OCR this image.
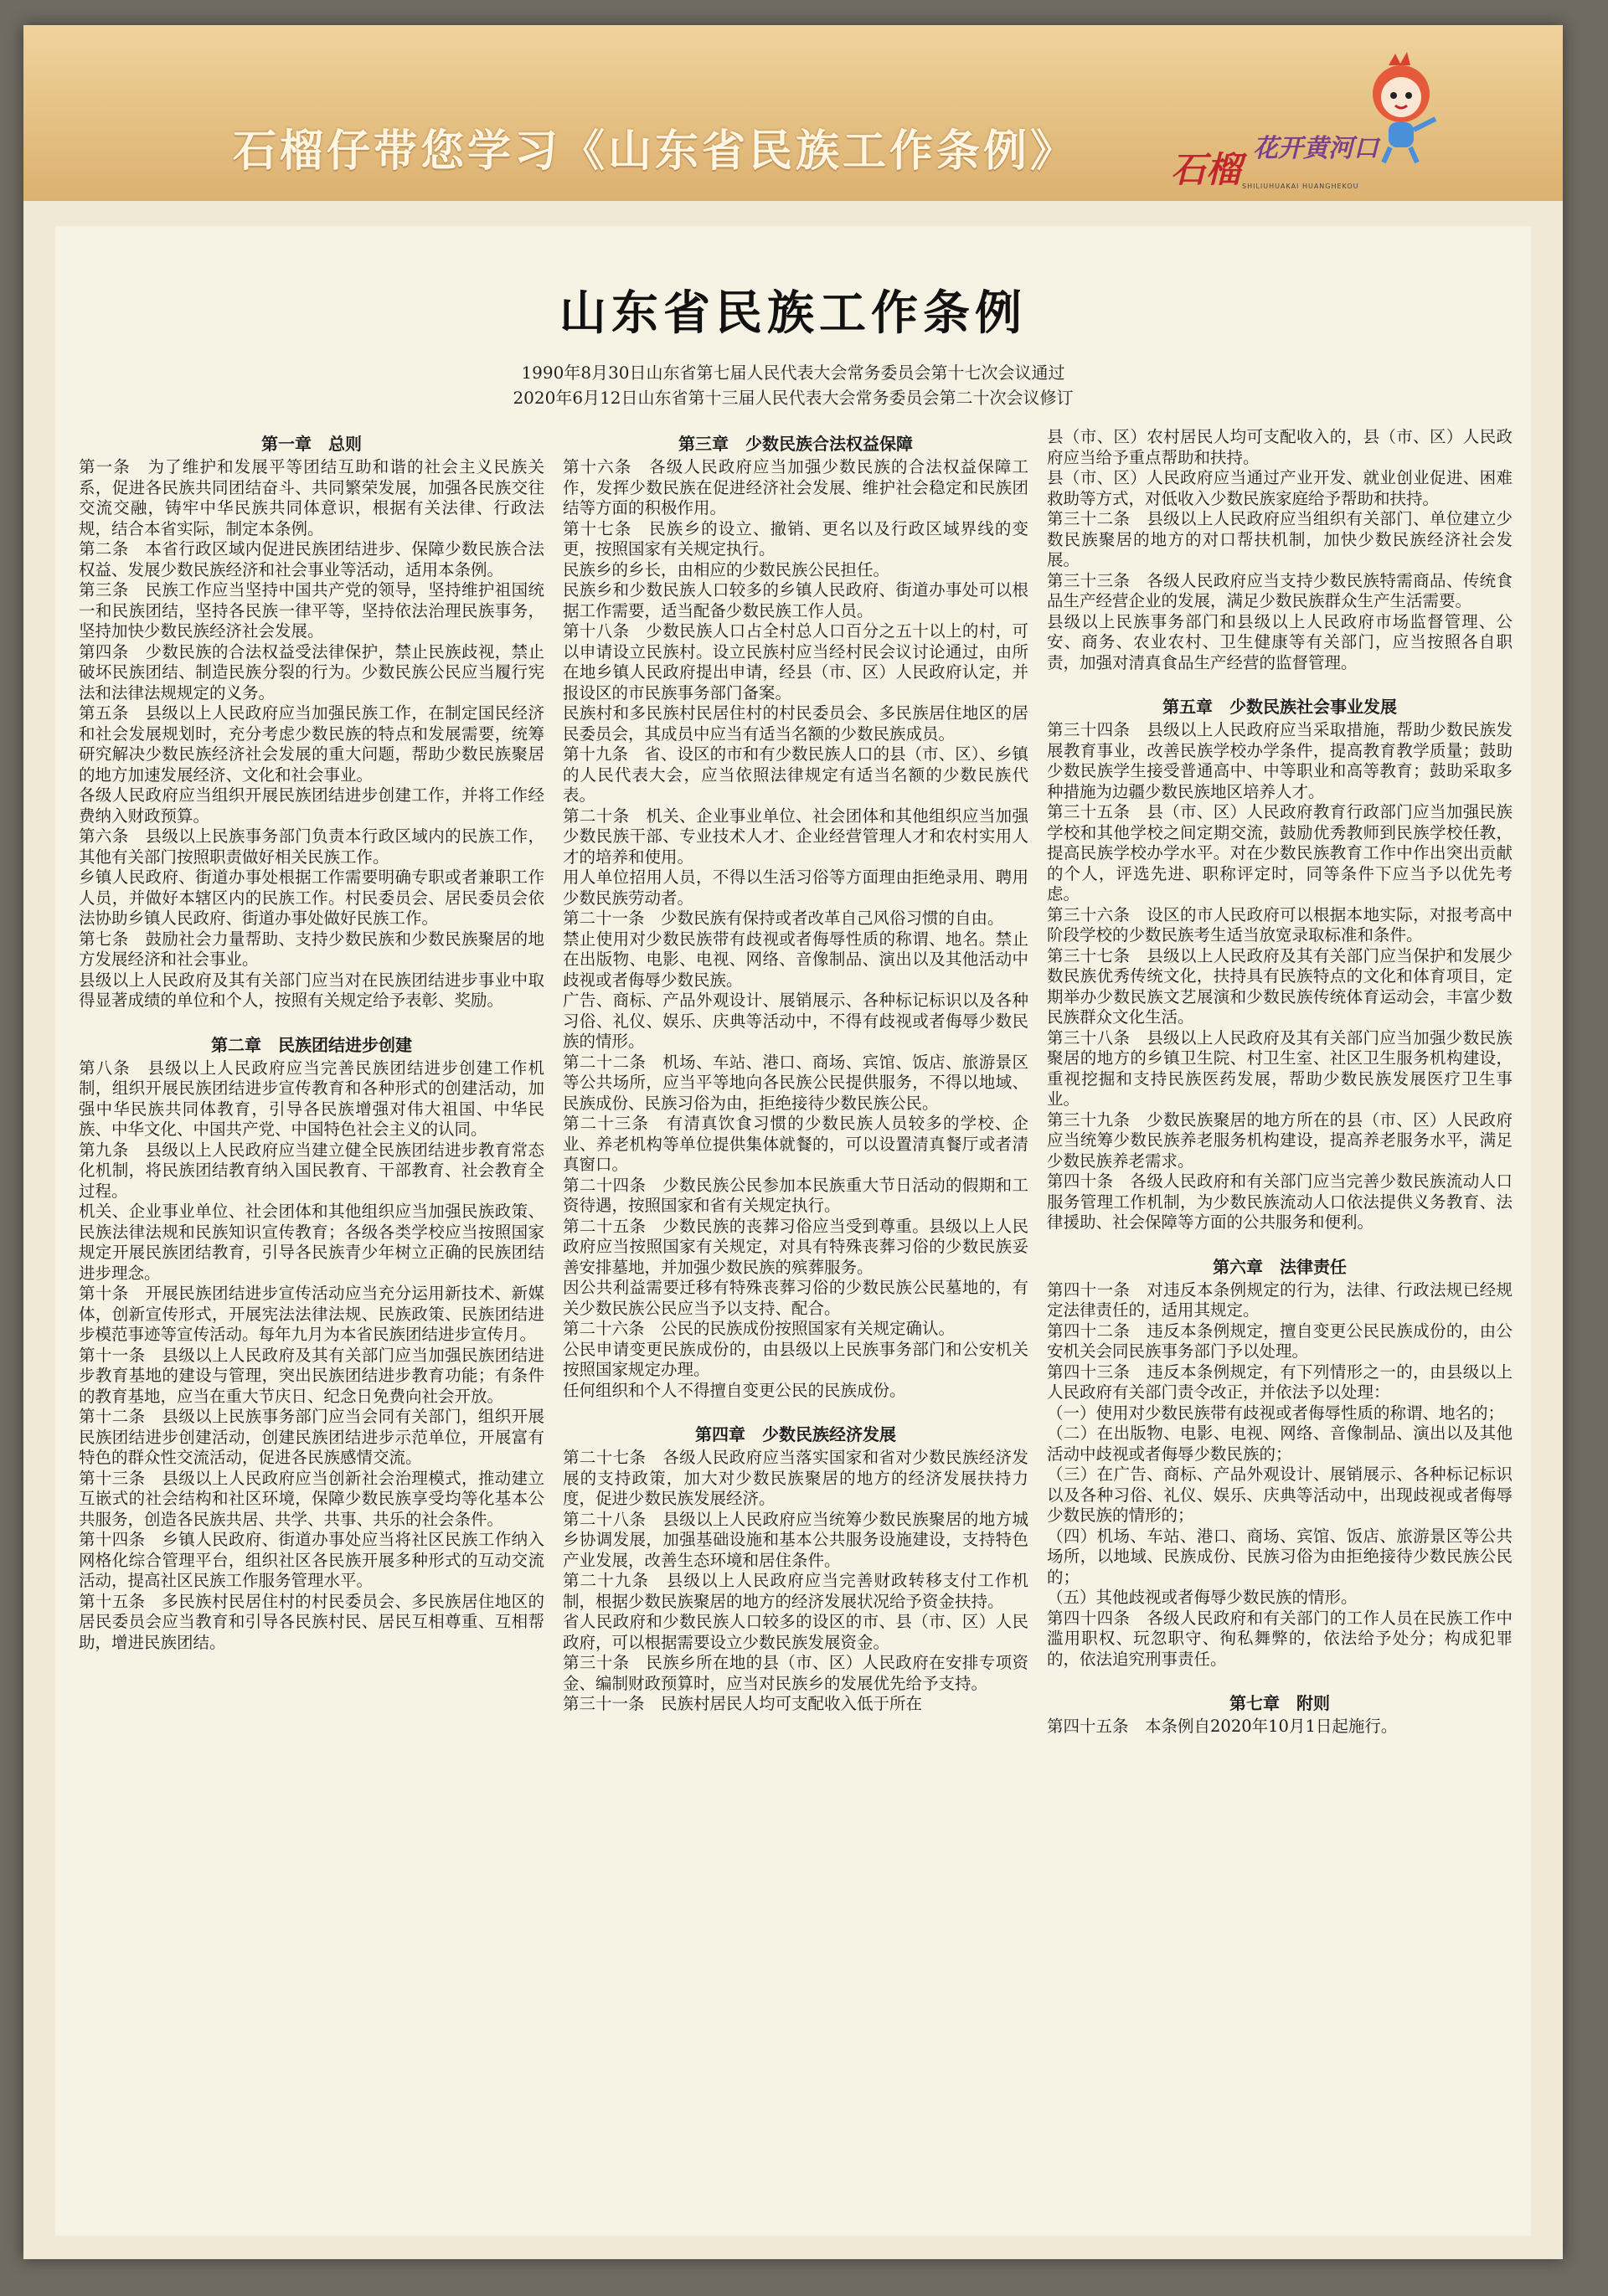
石榴仔带您学习《山东省民族工作条例》	石榴
花开黄河口
SHILIUHUAKAI HUANGHEKOU
山东省民族工作条例
1990年8月30日山东省第七届人民代表大会常务委员会第十七次会议通过
2020年6月12日山东省第十三届人民代表大会常务委员会第二十次会议修订
第一章　总则

第一条　为了维护和发展平等团结互助和谐的社会主义民族关系，促进各民族共同团结奋斗、共同繁荣发展，加强各民族交往交流交融，铸牢中华民族共同体意识，根据有关法律、行政法规，结合本省实际，制定本条例。

第二条　本省行政区域内促进民族团结进步、保障少数民族合法权益、发展少数民族经济和社会事业等活动，适用本条例。

第三条　民族工作应当坚持中国共产党的领导，坚持维护祖国统一和民族团结，坚持各民族一律平等，坚持依法治理民族事务，坚持加快少数民族经济社会发展。

第四条　少数民族的合法权益受法律保护，禁止民族歧视，禁止破坏民族团结、制造民族分裂的行为。少数民族公民应当履行宪法和法律法规规定的义务。

第五条　县级以上人民政府应当加强民族工作，在制定国民经济和社会发展规划时，充分考虑少数民族的特点和发展需要，统筹研究解决少数民族经济社会发展的重大问题，帮助少数民族聚居的地方加速发展经济、文化和社会事业。

各级人民政府应当组织开展民族团结进步创建工作，并将工作经费纳入财政预算。

第六条　县级以上民族事务部门负责本行政区域内的民族工作，其他有关部门按照职责做好相关民族工作。

乡镇人民政府、街道办事处根据工作需要明确专职或者兼职工作人员，并做好本辖区内的民族工作。村民委员会、居民委员会依法协助乡镇人民政府、街道办事处做好民族工作。

第七条　鼓励社会力量帮助、支持少数民族和少数民族聚居的地方发展经济和社会事业。

县级以上人民政府及其有关部门应当对在民族团结进步事业中取得显著成绩的单位和个人，按照有关规定给予表彰、奖励。

第二章　民族团结进步创建

第八条　县级以上人民政府应当完善民族团结进步创建工作机制，组织开展民族团结进步宣传教育和各种形式的创建活动，加强中华民族共同体教育，引导各民族增强对伟大祖国、中华民族、中华文化、中国共产党、中国特色社会主义的认同。

第九条　县级以上人民政府应当建立健全民族团结进步教育常态化机制，将民族团结教育纳入国民教育、干部教育、社会教育全过程。

机关、企业事业单位、社会团体和其他组织应当加强民族政策、民族法律法规和民族知识宣传教育；各级各类学校应当按照国家规定开展民族团结教育，引导各民族青少年树立正确的民族团结进步理念。

第十条　开展民族团结进步宣传活动应当充分运用新技术、新媒体，创新宣传形式，开展宪法法律法规、民族政策、民族团结进步模范事迹等宣传活动。每年九月为本省民族团结进步宣传月。

第十一条　县级以上人民政府及其有关部门应当加强民族团结进步教育基地的建设与管理，突出民族团结进步教育功能；有条件的教育基地，应当在重大节庆日、纪念日免费向社会开放。

第十二条　县级以上民族事务部门应当会同有关部门，组织开展民族团结进步创建活动，创建民族团结进步示范单位，开展富有特色的群众性交流活动，促进各民族感情交流。

第十三条　县级以上人民政府应当创新社会治理模式，推动建立互嵌式的社会结构和社区环境，保障少数民族享受均等化基本公共服务，创造各民族共居、共学、共事、共乐的社会条件。

第十四条　乡镇人民政府、街道办事处应当将社区民族工作纳入网格化综合管理平台，组织社区各民族开展多种形式的互动交流活动，提高社区民族工作服务管理水平。

第十五条　多民族村民居住村的村民委员会、多民族居住地区的居民委员会应当教育和引导各民族村民、居民互相尊重、互相帮助，增进民族团结。

第三章　少数民族合法权益保障

第十六条　各级人民政府应当加强少数民族的合法权益保障工作，发挥少数民族在促进经济社会发展、维护社会稳定和民族团结等方面的积极作用。

第十七条　民族乡的设立、撤销、更名以及行政区域界线的变更，按照国家有关规定执行。

民族乡的乡长，由相应的少数民族公民担任。

民族乡和少数民族人口较多的乡镇人民政府、街道办事处可以根据工作需要，适当配备少数民族工作人员。

第十八条　少数民族人口占全村总人口百分之五十以上的村，可以申请设立民族村。设立民族村应当经村民会议讨论通过，由所在地乡镇人民政府提出申请，经县（市、区）人民政府认定，并报设区的市民族事务部门备案。

民族村和多民族村民居住村的村民委员会、多民族居住地区的居民委员会，其成员中应当有适当名额的少数民族成员。

第十九条　省、设区的市和有少数民族人口的县（市、区）、乡镇的人民代表大会，应当依照法律规定有适当名额的少数民族代表。

第二十条　机关、企业事业单位、社会团体和其他组织应当加强少数民族干部、专业技术人才、企业经营管理人才和农村实用人才的培养和使用。

用人单位招用人员，不得以生活习俗等方面理由拒绝录用、聘用少数民族劳动者。

第二十一条　少数民族有保持或者改革自己风俗习惯的自由。

禁止使用对少数民族带有歧视或者侮辱性质的称谓、地名。禁止在出版物、电影、电视、网络、音像制品、演出以及其他活动中歧视或者侮辱少数民族。

广告、商标、产品外观设计、展销展示、各种标记标识以及各种习俗、礼仪、娱乐、庆典等活动中，不得有歧视或者侮辱少数民族的情形。

第二十二条　机场、车站、港口、商场、宾馆、饭店、旅游景区等公共场所，应当平等地向各民族公民提供服务，不得以地域、民族成份、民族习俗为由，拒绝接待少数民族公民。

第二十三条　有清真饮食习惯的少数民族人员较多的学校、企业、养老机构等单位提供集体就餐的，可以设置清真餐厅或者清真窗口。

第二十四条　少数民族公民参加本民族重大节日活动的假期和工资待遇，按照国家和省有关规定执行。

第二十五条　少数民族的丧葬习俗应当受到尊重。县级以上人民政府应当按照国家有关规定，对具有特殊丧葬习俗的少数民族妥善安排墓地，并加强少数民族的殡葬服务。

因公共利益需要迁移有特殊丧葬习俗的少数民族公民墓地的，有关少数民族公民应当予以支持、配合。

第二十六条　公民的民族成份按照国家有关规定确认。

公民申请变更民族成份的，由县级以上民族事务部门和公安机关按照国家规定办理。

任何组织和个人不得擅自变更公民的民族成份。

第四章　少数民族经济发展

第二十七条　各级人民政府应当落实国家和省对少数民族经济发展的支持政策，加大对少数民族聚居的地方的经济发展扶持力度，促进少数民族发展经济。

第二十八条　县级以上人民政府应当统筹少数民族聚居的地方城乡协调发展，加强基础设施和基本公共服务设施建设，支持特色产业发展，改善生态环境和居住条件。

第二十九条　县级以上人民政府应当完善财政转移支付工作机制，根据少数民族聚居的地方的经济发展状况给予资金扶持。

省人民政府和少数民族人口较多的设区的市、县（市、区）人民政府，可以根据需要设立少数民族发展资金。

第三十条　民族乡所在地的县（市、区）人民政府在安排专项资金、编制财政预算时，应当对民族乡的发展优先给予支持。

第三十一条　民族村居民人均可支配收入低于所在

县（市、区）农村居民人均可支配收入的，县（市、区）人民政府应当给予重点帮助和扶持。

县（市、区）人民政府应当通过产业开发、就业创业促进、困难救助等方式，对低收入少数民族家庭给予帮助和扶持。

第三十二条　县级以上人民政府应当组织有关部门、单位建立少数民族聚居的地方的对口帮扶机制，加快少数民族经济社会发展。

第三十三条　各级人民政府应当支持少数民族特需商品、传统食品生产经营企业的发展，满足少数民族群众生产生活需要。

县级以上民族事务部门和县级以上人民政府市场监督管理、公安、商务、农业农村、卫生健康等有关部门，应当按照各自职责，加强对清真食品生产经营的监督管理。

第五章　少数民族社会事业发展

第三十四条　县级以上人民政府应当采取措施，帮助少数民族发展教育事业，改善民族学校办学条件，提高教育教学质量；鼓助少数民族学生接受普通高中、中等职业和高等教育；鼓助采取多种措施为边疆少数民族地区培养人才。

第三十五条　县（市、区）人民政府教育行政部门应当加强民族学校和其他学校之间定期交流，鼓励优秀教师到民族学校任教，提高民族学校办学水平。对在少数民族教育工作中作出突出贡献的个人，评选先进、职称评定时，同等条件下应当予以优先考虑。

第三十六条　设区的市人民政府可以根据本地实际，对报考高中阶段学校的少数民族考生适当放宽录取标准和条件。

第三十七条　县级以上人民政府及其有关部门应当保护和发展少数民族优秀传统文化，扶持具有民族特点的文化和体育项目，定期举办少数民族文艺展演和少数民族传统体育运动会，丰富少数民族群众文化生活。

第三十八条　县级以上人民政府及其有关部门应当加强少数民族聚居的地方的乡镇卫生院、村卫生室、社区卫生服务机构建设，重视挖掘和支持民族医药发展，帮助少数民族发展医疗卫生事业。

第三十九条　少数民族聚居的地方所在的县（市、区）人民政府应当统筹少数民族养老服务机构建设，提高养老服务水平，满足少数民族养老需求。

第四十条　各级人民政府和有关部门应当完善少数民族流动人口服务管理工作机制，为少数民族流动人口依法提供义务教育、法律援助、社会保障等方面的公共服务和便利。

第六章　法律责任

第四十一条　对违反本条例规定的行为，法律、行政法规已经规定法律责任的，适用其规定。

第四十二条　违反本条例规定，擅自变更公民民族成份的，由公安机关会同民族事务部门予以处理。

第四十三条　违反本条例规定，有下列情形之一的，由县级以上人民政府有关部门责令改正，并依法予以处理：

（一）使用对少数民族带有歧视或者侮辱性质的称谓、地名的；

（二）在出版物、电影、电视、网络、音像制品、演出以及其他活动中歧视或者侮辱少数民族的；

（三）在广告、商标、产品外观设计、展销展示、各种标记标识以及各种习俗、礼仪、娱乐、庆典等活动中，出现歧视或者侮辱少数民族的情形的；

（四）机场、车站、港口、商场、宾馆、饭店、旅游景区等公共场所，以地域、民族成份、民族习俗为由拒绝接待少数民族公民的；

（五）其他歧视或者侮辱少数民族的情形。

第四十四条　各级人民政府和有关部门的工作人员在民族工作中滥用职权、玩忽职守、徇私舞弊的，依法给予处分；构成犯罪的，依法追究刑事责任。

第七章　附则

第四十五条　本条例自2020年10月1日起施行。
